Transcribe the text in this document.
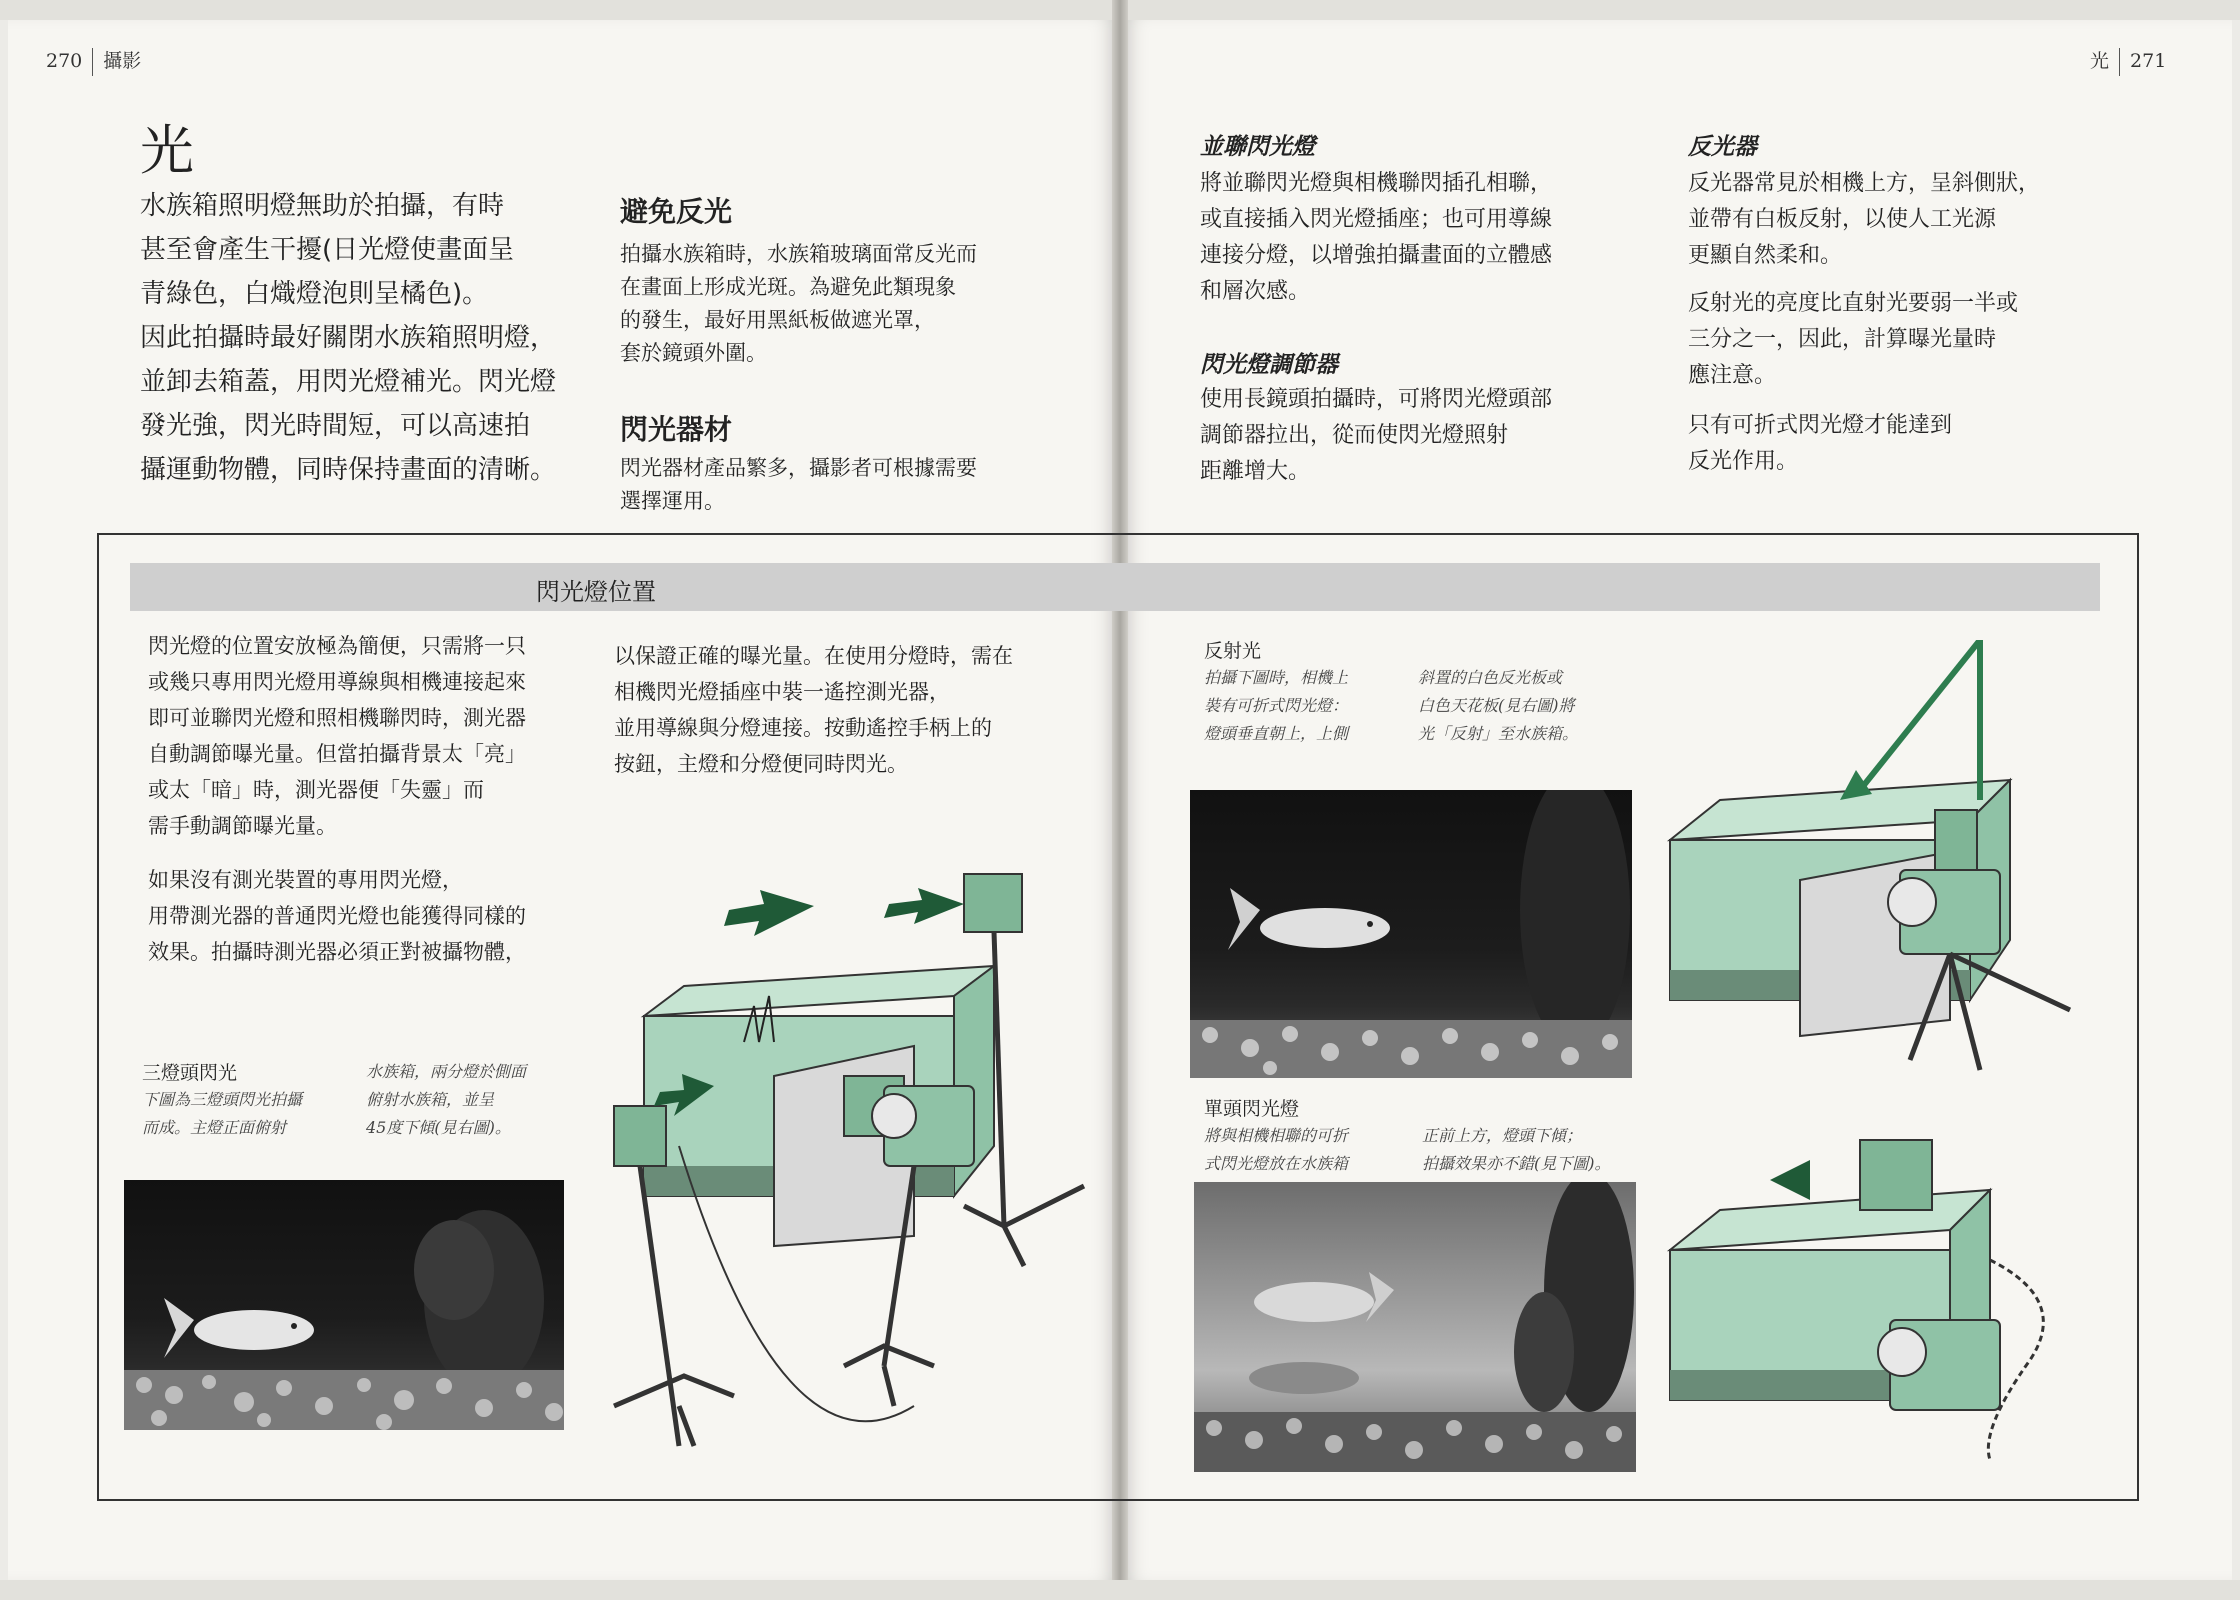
270 攝影	光 271
光
水族箱照明燈無助於拍攝，有時
甚至會產生干擾(日光燈使畫面呈
青綠色，白熾燈泡則呈橘色)。
因此拍攝時最好關閉水族箱照明燈，
並卸去箱蓋，用閃光燈補光。閃光燈
發光強，閃光時間短，可以高速拍
攝運動物體，同時保持畫面的清晰。
避免反光
拍攝水族箱時，水族箱玻璃面常反光而
在畫面上形成光斑。為避免此類現象
的發生，最好用黑紙板做遮光罩，
套於鏡頭外圍。
閃光器材
閃光器材產品繁多，攝影者可根據需要
選擇運用。
並聯閃光燈
將並聯閃光燈與相機聯閃插孔相聯，
或直接插入閃光燈插座；也可用導線
連接分燈，以增強拍攝畫面的立體感
和層次感。
閃光燈調節器
使用長鏡頭拍攝時，可將閃光燈頭部
調節器拉出，從而使閃光燈照射
距離增大。
反光器
反光器常見於相機上方，呈斜側狀，
並帶有白板反射，以使人工光源
更顯自然柔和。
反射光的亮度比直射光要弱一半或
三分之一，因此，計算曝光量時
應注意。
只有可折式閃光燈才能達到
反光作用。
閃光燈位置
閃光燈的位置安放極為簡便，只需將一只
或幾只專用閃光燈用導線與相機連接起來
即可並聯閃光燈和照相機聯閃時，測光器
自動調節曝光量。但當拍攝背景太「亮」
或太「暗」時，測光器便「失靈」而
需手動調節曝光量。
如果沒有測光裝置的專用閃光燈，
用帶測光器的普通閃光燈也能獲得同樣的
效果。拍攝時測光器必須正對被攝物體，
以保證正確的曝光量。在使用分燈時，需在
相機閃光燈插座中裝一遙控測光器，
並用導線與分燈連接。按動遙控手柄上的
按鈕，主燈和分燈便同時閃光。
三燈頭閃光
下圖為三燈頭閃光拍攝
而成。主燈正面俯射
水族箱，兩分燈於側面
俯射水族箱，並呈
45度下傾(見右圖)。
反射光
拍攝下圖時，相機上
裝有可折式閃光燈：
燈頭垂直朝上，上側
斜置的白色反光板或
白色天花板(見右圖)將
光「反射」至水族箱。
單頭閃光燈
將與相機相聯的可折
式閃光燈放在水族箱
正前上方，燈頭下傾；
拍攝效果亦不錯(見下圖)。
